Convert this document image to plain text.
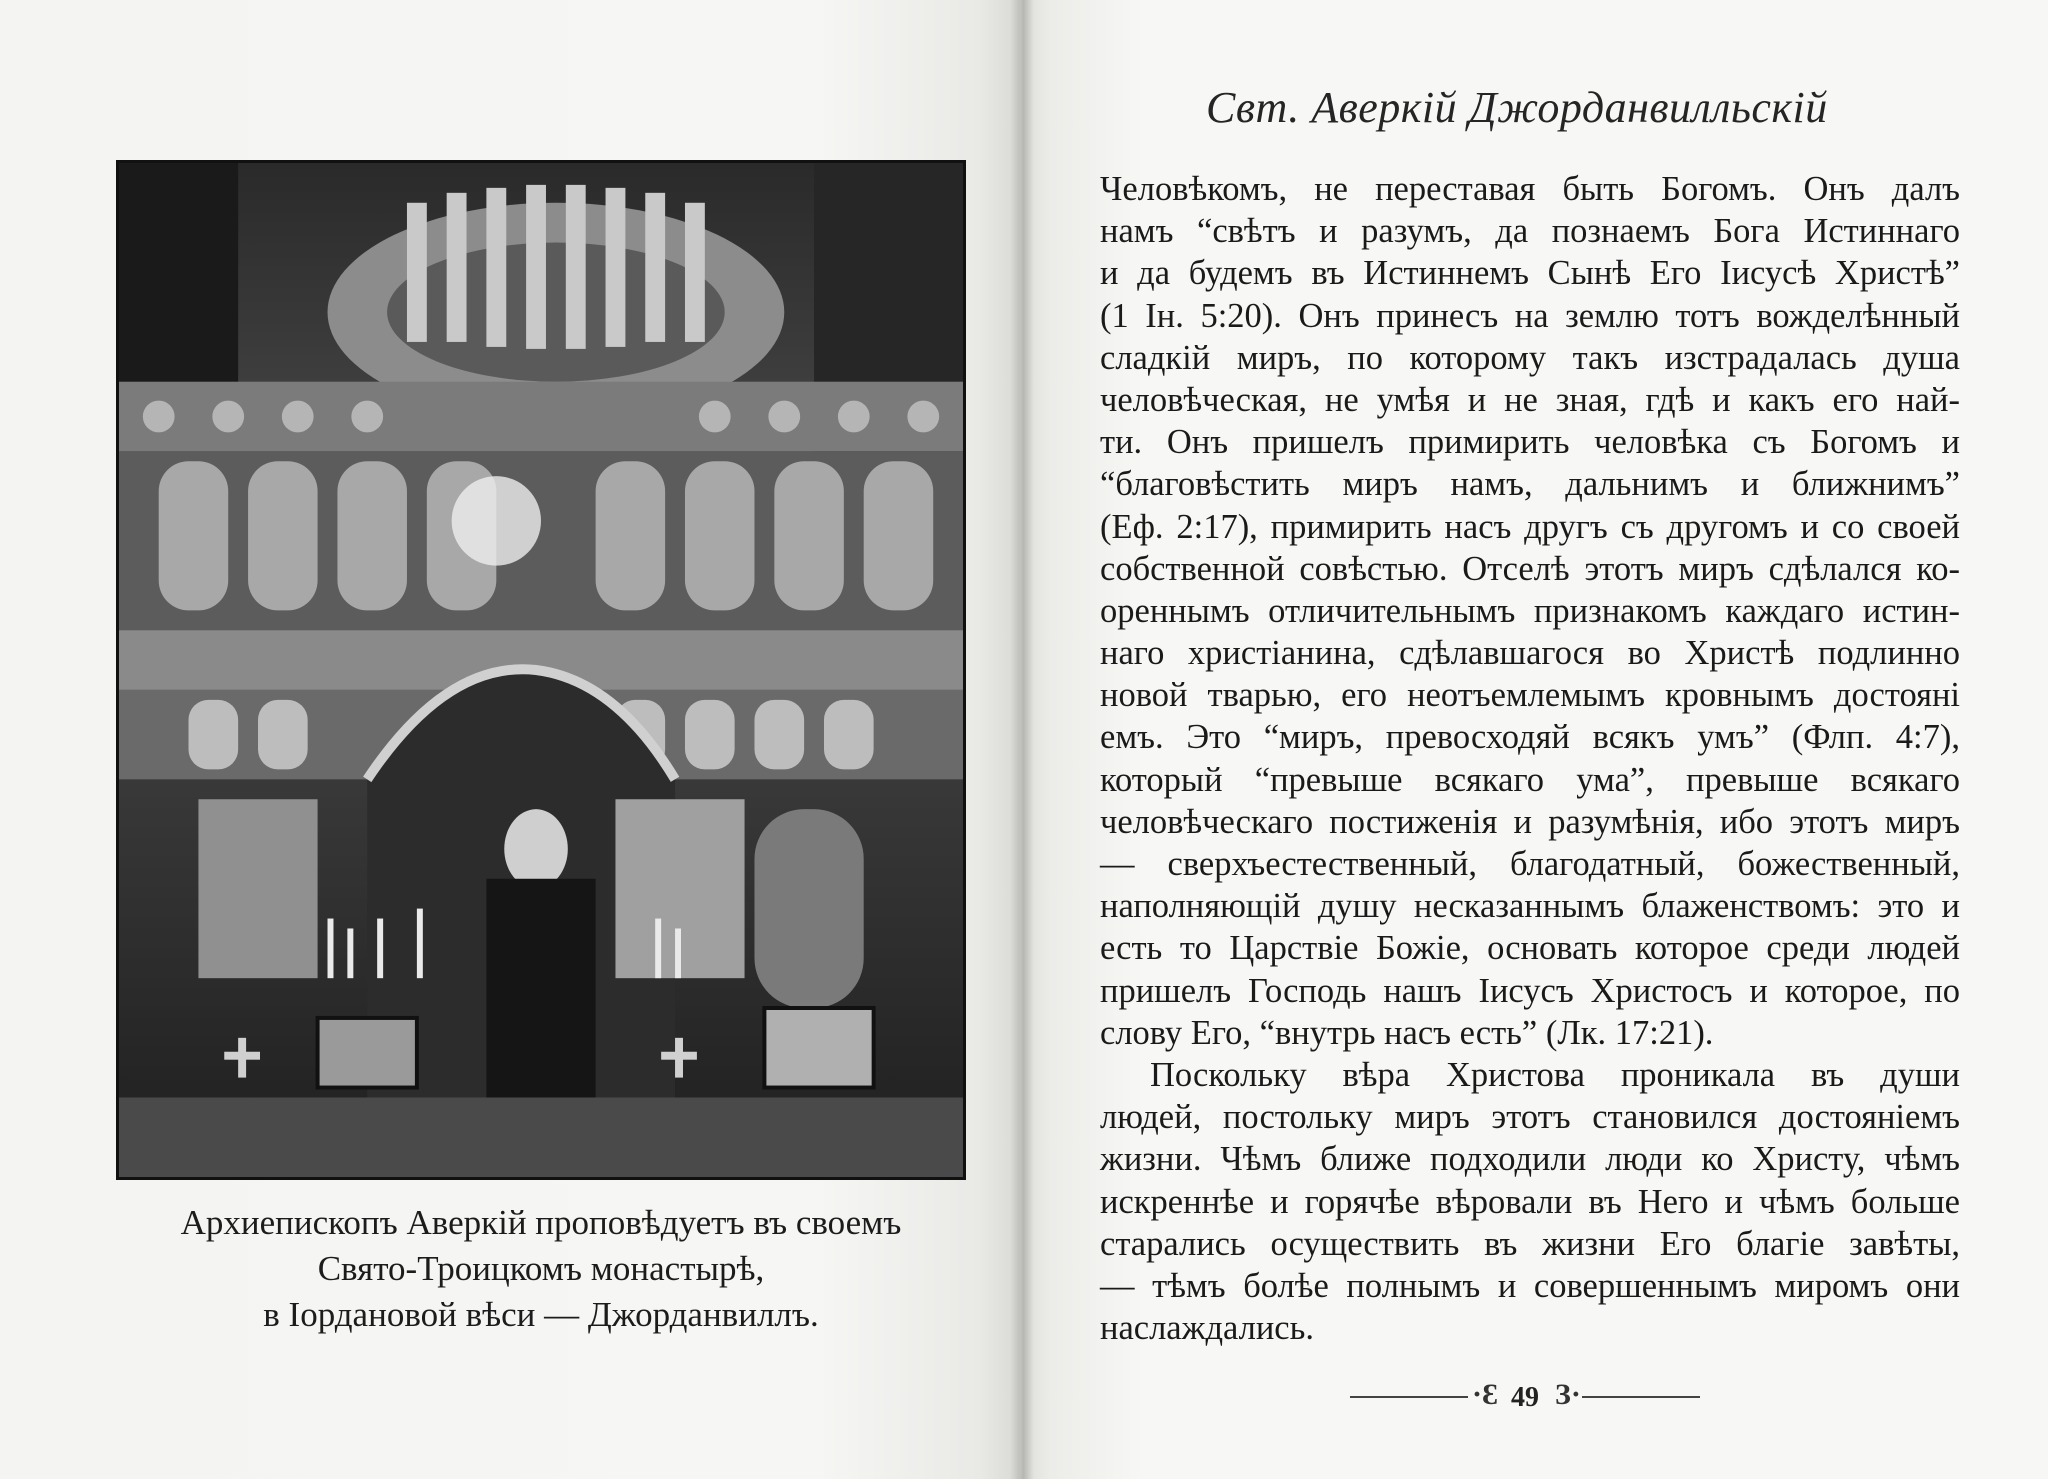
Архиепископъ Аверкій проповѣдуетъ въ своемъ
Свято-Троицкомъ монастырѣ,
в Іордановой вѣси — Джорданвиллъ.
Свт. Аверкій Джорданвилльскій
Человѣкомъ, не переставая быть Богомъ. Онъ далъ
намъ “свѣтъ и разумъ, да познаемъ Бога Истиннаго
и да будемъ въ Истиннемъ Сынѣ Его Іисусѣ Христѣ”
(1 Ін. 5:20). Онъ принесъ на землю тотъ вожделѣнный
сладкій миръ, по которому такъ изстрадалась душа
человѣческая, не умѣя и не зная, гдѣ и какъ его най-
ти. Онъ пришелъ примирить человѣка съ Богомъ и
“благовѣстить миръ намъ, дальнимъ и ближнимъ”
(Еф. 2:17), примирить насъ другъ съ другомъ и со своей
собственной совѣстью. Отселѣ этотъ миръ сдѣлался ко-
ореннымъ отличительнымъ признакомъ каждаго истин-
наго христіанина, сдѣлавшагося во Христѣ подлинно
новой тварью, его неотъемлемымъ кровнымъ достояні
емъ. Это “миръ, превосходяй всякъ умъ” (Флп. 4:7),
который “превыше всякаго ума”, превыше всякаго
человѣческаго постиженія и разумѣнія, ибо этотъ миръ
— сверхъестественный, благодатный, божественный,
наполняющій душу несказаннымъ блаженствомъ: это и
есть то Царствіе Божіе, основать которое среди людей
пришелъ Господь нашъ Іисусъ Христосъ и которое, по
слову Его, “внутрь насъ есть” (Лк. 17:21).
Поскольку вѣра Христова проникала въ души
людей, постольку миръ этотъ становился достояніемъ
жизни. Чѣмъ ближе подходили люди ко Христу, чѣмъ
искреннѣе и горячѣе вѣровали въ Него и чѣмъ больше
старались осуществить въ жизни Его благіе завѣты,
— тѣмъ болѣе полнымъ и совершеннымъ миромъ они
наслаждались.
·Ɛ 49 З·
